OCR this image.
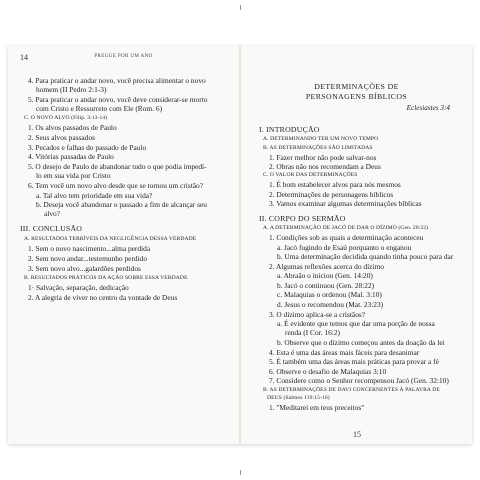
14	PREGUE POR UM ANO
4. Para praticar o andar novo, você precisa alimentar o novo
homem (II Pedro 2:1-3)
5. Para praticar o andar novo, você deve considerar-se morto
com Cristo e Ressurreto com Ele (Rom. 6)
C. O NOVO ALVO (Filip. 3:13-14)
1. Os alvos passados de Paulo
2. Seus alvos passados
3. Pecados e falhas do passado de Paulo
4. Vitórias passadas de Paulo
5. O desejo de Paulo de abandonar tudo o que podia impedí-
lo em sua vida por Cristo
6. Tem você um novo alvo desde que se tornou um cristão?
a. Tal alvo tem prioridade em sua vida?
b. Deseja você abandonar o passado a fim de alcançar seu
alvo?
III. CONCLUSÃO
A. RESULTADOS TERRÍVEIS DA NEGLIGÊNCIA DESSA VERDADE
1. Sem o novo nascimento...alma perdida
2. Sem novo andar...testemunho perdido
3. Sem novo alvo...galardões perdidos
B. RESULTADOS PRÁTICOS DA AÇÃO SOBRE ESSA VERDADE
1· Salvação, separação, dedicação
2. A alegria de viver no centro da vontade de Deus
DETERMINAÇÕES DE
PERSONAGENS BÍBLICOS
Eclesiastes 3:4
I. INTRODUÇÃO
A. DETERMINANDO TER UM NOVO TEMPO
B. AS DETERMINAÇÕES SÃO LIMITADAS
1. Fazer melhor não pode salvar-nos
2. Obras não nos recomendam a Deus
C. O VALOR DAS DETERMINAÇÕES
1. É bom estabelecer alvos para nós mesmos
2. Determinações de personagens bíblicos
3. Vamos examinar algumas determinações bíblicas
II. CORPO DO SERMÃO
A. A DETERMINAÇÃO DE JACÓ DE DAR O DÍZIMO (Gen. 28:22)
1. Condições sob as quais a determinação aconteceu
a. Jacó fugindo de Esaú porquanto o enganou
b. Uma determinação decidida quando tinha pouco para dar
2. Algumas reflexões acerca do dízimo
a. Abraão o iniciou (Gen. 14:20)
b. Jacó o continuou (Gen. 28:22)
c. Malaquias o ordenou (Mal. 3:10)
d. Jesus o recomendou (Mat. 23:23)
3. O dízimo aplica-se a cristãos?
a. É evidente que temos que dar uma porção de nossa
renda (I Cor. 16:2)
b. Observe que o dízimo começou antes da doação da lei
4. Esta é uma das áreas mais fáceis para desanimar
5. É também uma das áreas mais práticas para provar a fé
6. Observe o desafio de Malaquias 3:10
7. Considere como o Senhor recompensou Jacó (Gen. 32:10)
B. AS DETERMINAÇÕES DE DAVI CONCERNENTES À PALAVRA DE
DEUS (Salmos 119:15-16)
1. "Meditarei em teus preceitos"
15
